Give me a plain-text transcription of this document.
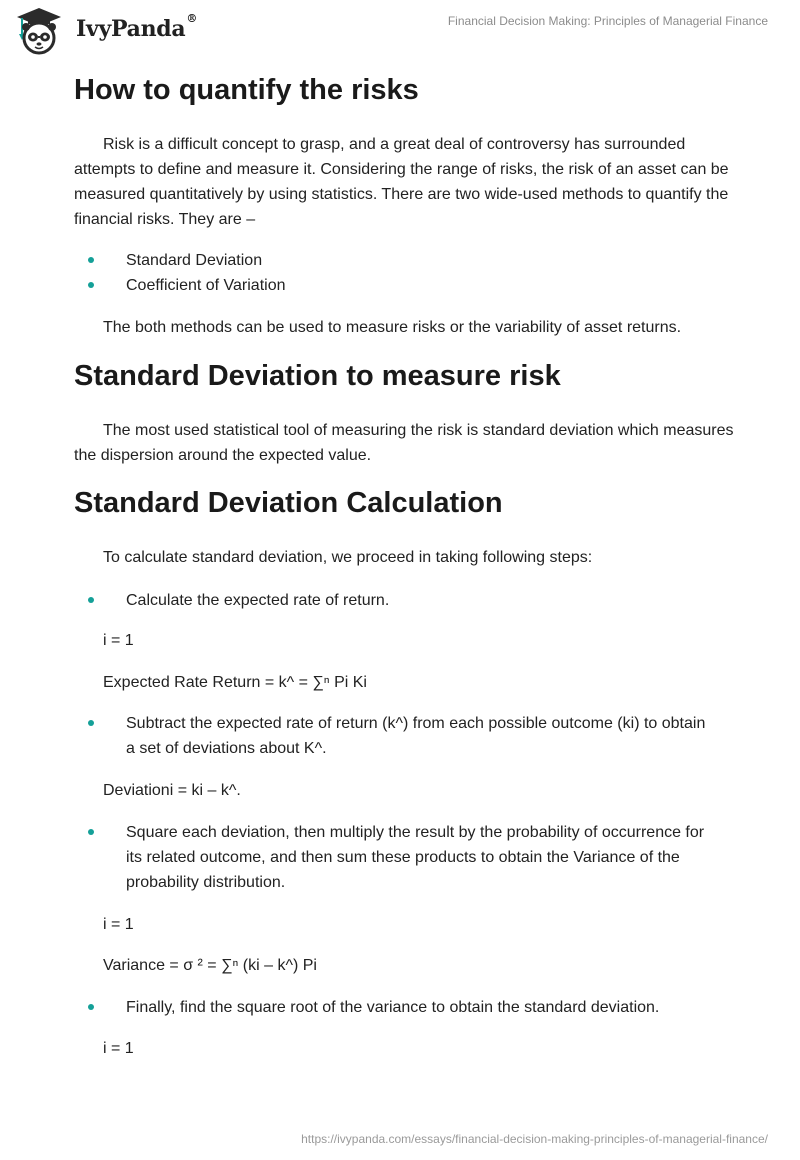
IvyPanda®	Financial Decision Making: Principles of Managerial Finance
How to quantify the risks

Risk is a difficult concept to grasp, and a great deal of controversy has surrounded attempts to define and measure it. Considering the range of risks, the risk of an asset can be measured quantitatively by using statistics. There are two wide-used methods to quantify the financial risks. They are –

Standard Deviation
Coefficient of Variation

The both methods can be used to measure risks or the variability of asset returns.

Standard Deviation to measure risk

The most used statistical tool of measuring the risk is standard deviation which measures the dispersion around the expected value.

Standard Deviation Calculation

To calculate standard deviation, we proceed in taking following steps:

Calculate the expected rate of return.

i = 1

Expected Rate Return = k^ = ∑ⁿ Pi Ki

Subtract the expected rate of return (k^) from each possible outcome (ki) to obtain a set of deviations about K^.

Deviationi = ki – k^.

Square each deviation, then multiply the result by the probability of occurrence for its related outcome, and then sum these products to obtain the Variance of the probability distribution.

i = 1

Variance = σ ² = ∑ⁿ (ki – k^) Pi

Finally, find the square root of the variance to obtain the standard deviation.

i = 1

https://ivypanda.com/essays/financial-decision-making-principles-of-managerial-finance/
